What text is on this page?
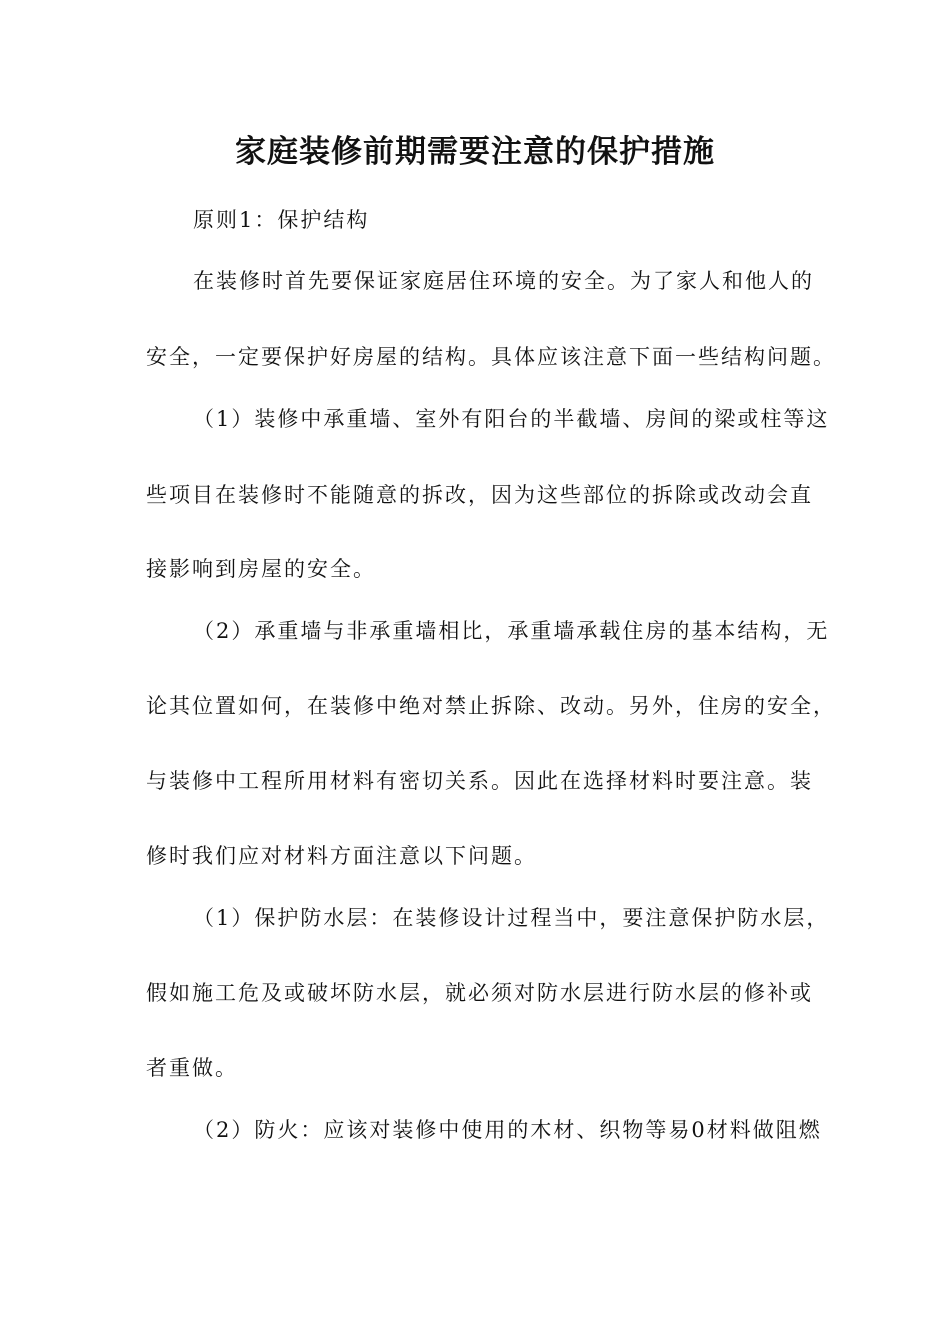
家庭装修前期需要注意的保护措施
原则1：保护结构
在装修时首先要保证家庭居住环境的安全。为了家人和他人的
安全，一定要保护好房屋的结构。具体应该注意下面一些结构问题。
（1）装修中承重墙、室外有阳台的半截墙、房间的梁或柱等这
些项目在装修时不能随意的拆改，因为这些部位的拆除或改动会直
接影响到房屋的安全。
（2）承重墙与非承重墙相比，承重墙承载住房的基本结构，无
论其位置如何，在装修中绝对禁止拆除、改动。另外，住房的安全，
与装修中工程所用材料有密切关系。因此在选择材料时要注意。装
修时我们应对材料方面注意以下问题。
（1）保护防水层：在装修设计过程当中，要注意保护防水层，
假如施工危及或破坏防水层，就必须对防水层进行防水层的修补或
者重做。
（2）防火：应该对装修中使用的木材、织物等易0材料做阻燃
